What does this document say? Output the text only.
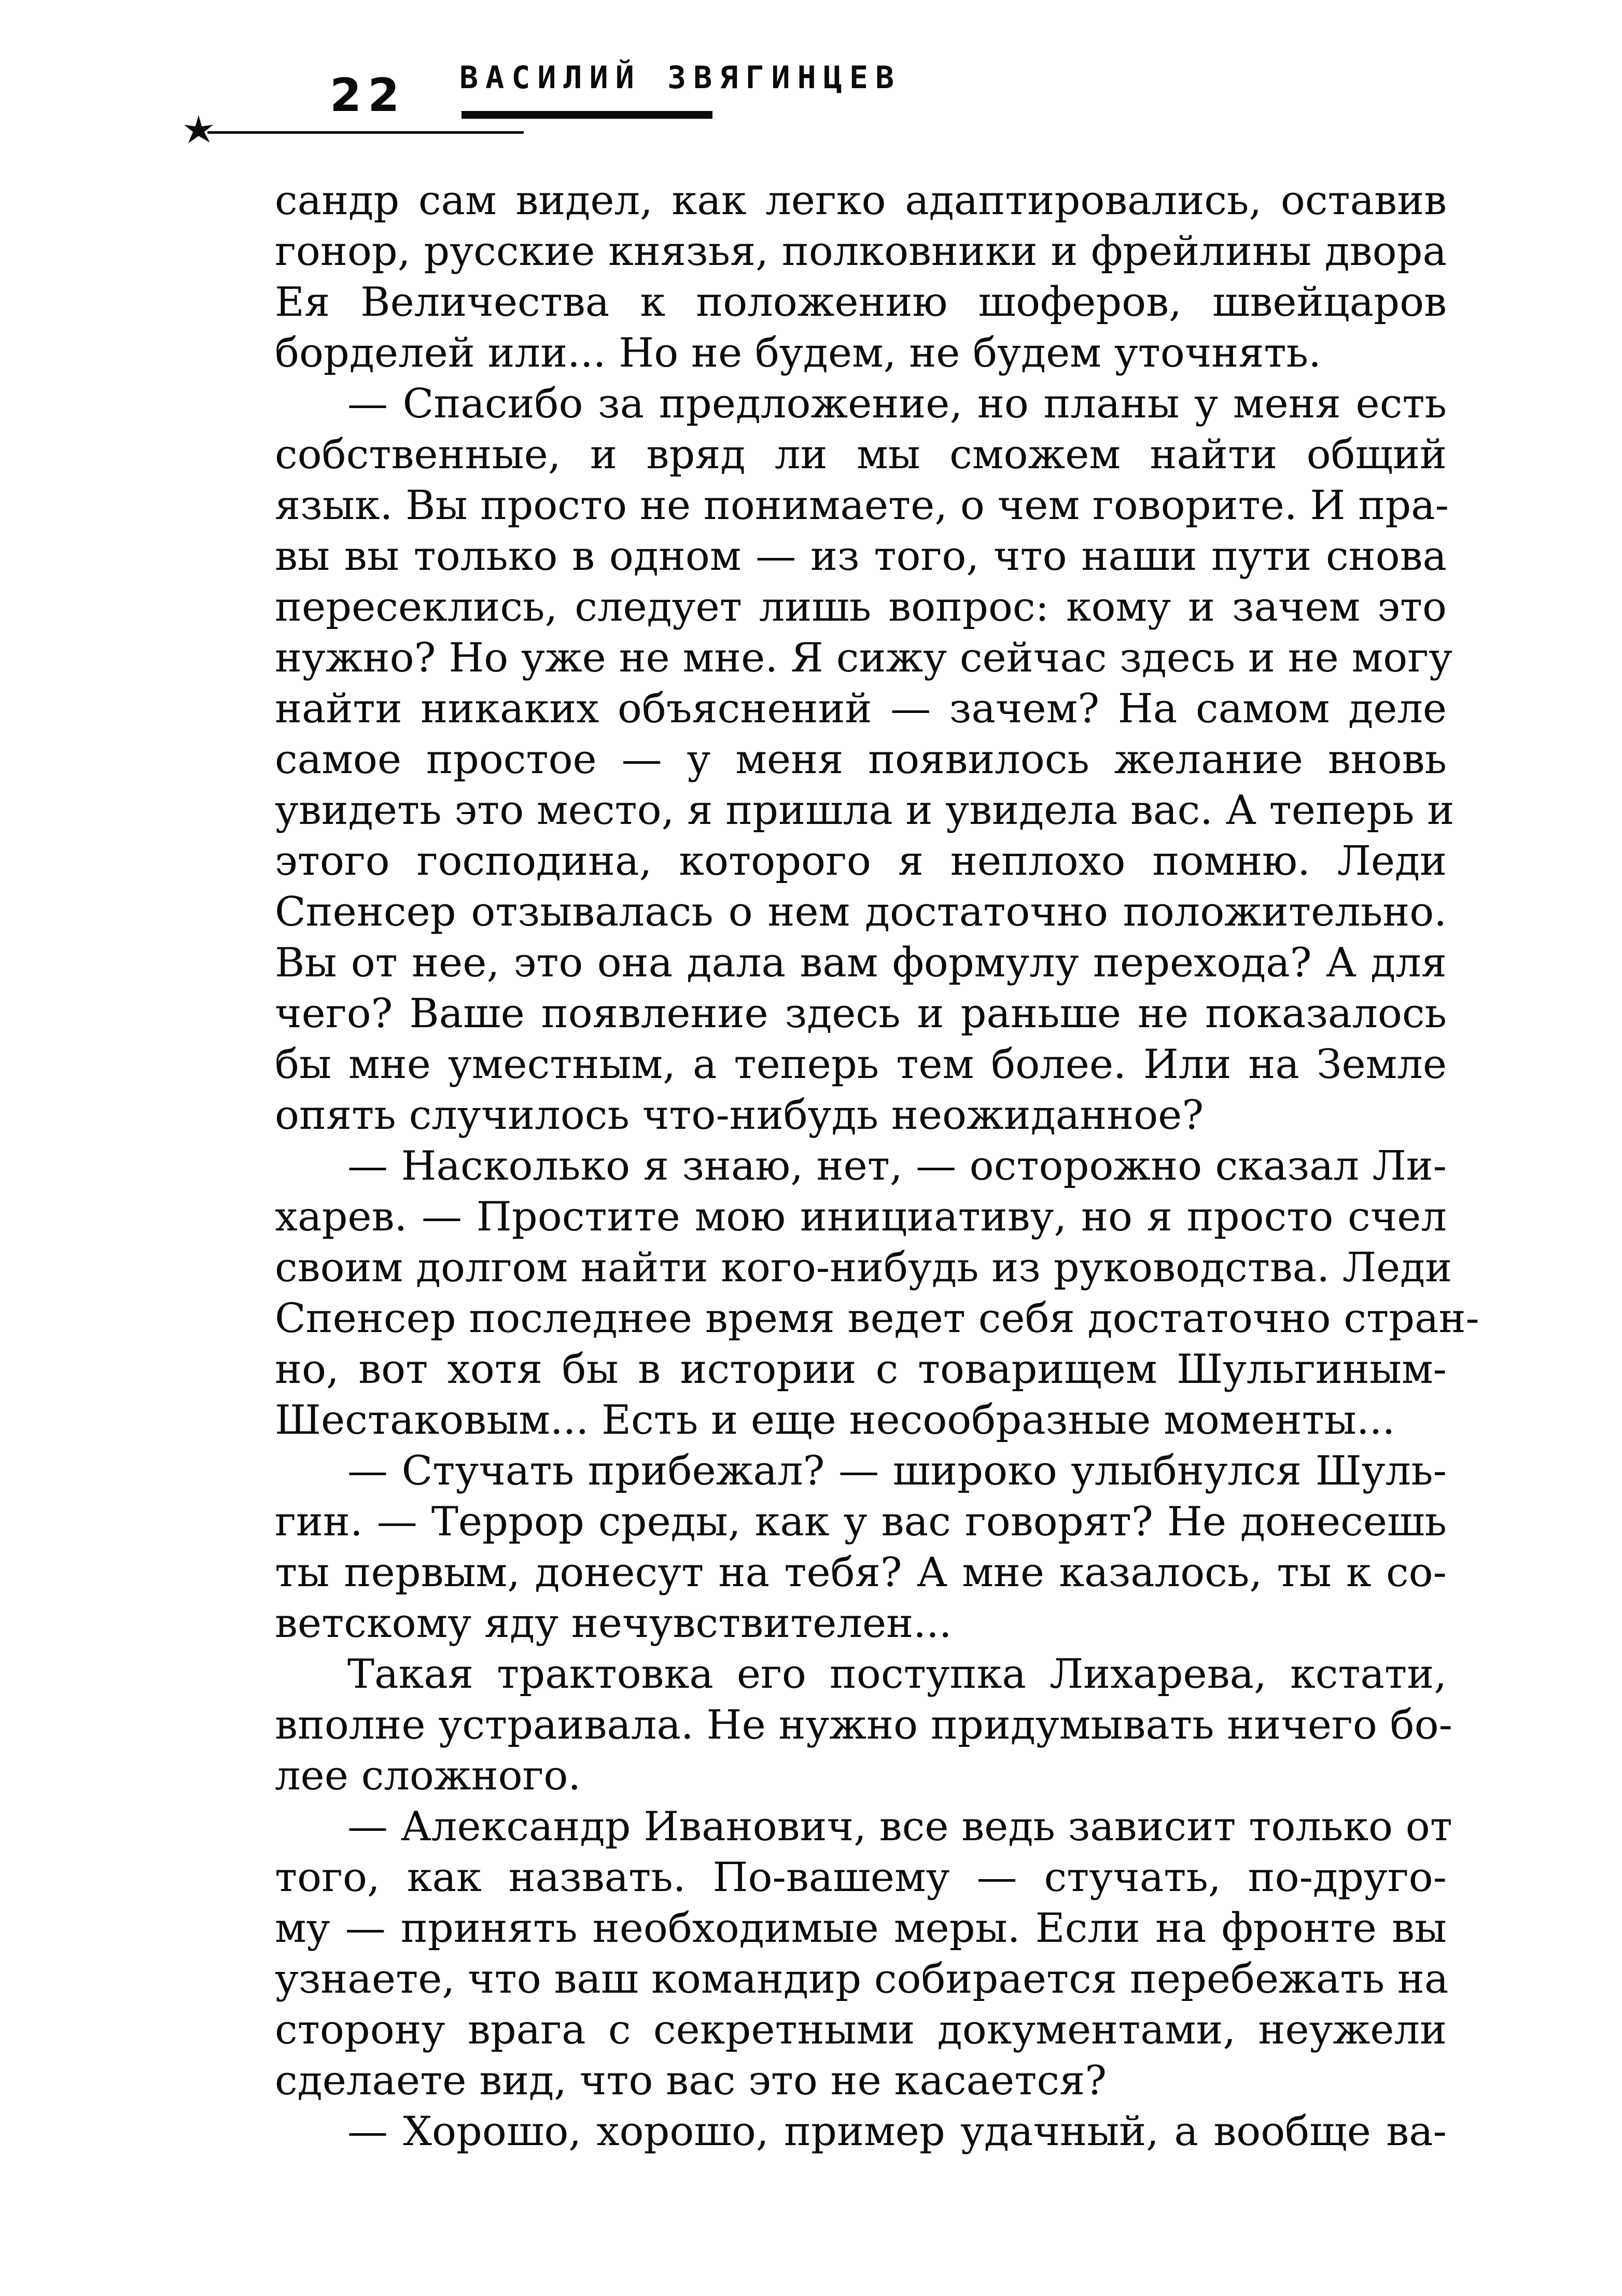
22 ВАСИЛИЙ ЗВЯГИНЦЕВ
сандр сам видел, как легко адаптировались, оставив
гонор, русские князья, полковники и фрейлины двора
Ея Величества к положению шоферов, швейцаров
борделей или... Но не будем, не будем уточнять.
— Спасибо за предложение, но планы у меня есть
собственные, и вряд ли мы сможем найти общий
язык. Вы просто не понимаете, о чем говорите. И пра-
вы вы только в одном — из того, что наши пути снова
пересеклись, следует лишь вопрос: кому и зачем это
нужно? Но уже не мне. Я сижу сейчас здесь и не могу
найти никаких объяснений — зачем? На самом деле
самое простое — у меня появилось желание вновь
увидеть это место, я пришла и увидела вас. А теперь и
этого господина, которого я неплохо помню. Леди
Спенсер отзывалась о нем достаточно положительно.
Вы от нее, это она дала вам формулу перехода? А для
чего? Ваше появление здесь и раньше не показалось
бы мне уместным, а теперь тем более. Или на Земле
опять случилось что-нибудь неожиданное?
— Насколько я знаю, нет, — осторожно сказал Ли-
харев. — Простите мою инициативу, но я просто счел
своим долгом найти кого-нибудь из руководства. Леди
Спенсер последнее время ведет себя достаточно стран-
но, вот хотя бы в истории с товарищем Шульгиным-
Шестаковым... Есть и еще несообразные моменты...
— Стучать прибежал? — широко улыбнулся Шуль-
гин. — Террор среды, как у вас говорят? Не донесешь
ты первым, донесут на тебя? А мне казалось, ты к со-
ветскому яду нечувствителен...
Такая трактовка его поступка Лихарева, кстати,
вполне устраивала. Не нужно придумывать ничего бо-
лее сложного.
— Александр Иванович, все ведь зависит только от
того, как назвать. По-вашему — стучать, по-друго-
му — принять необходимые меры. Если на фронте вы
узнаете, что ваш командир собирается перебежать на
сторону врага с секретными документами, неужели
сделаете вид, что вас это не касается?
— Хорошо, хорошо, пример удачный, а вообще ва-
